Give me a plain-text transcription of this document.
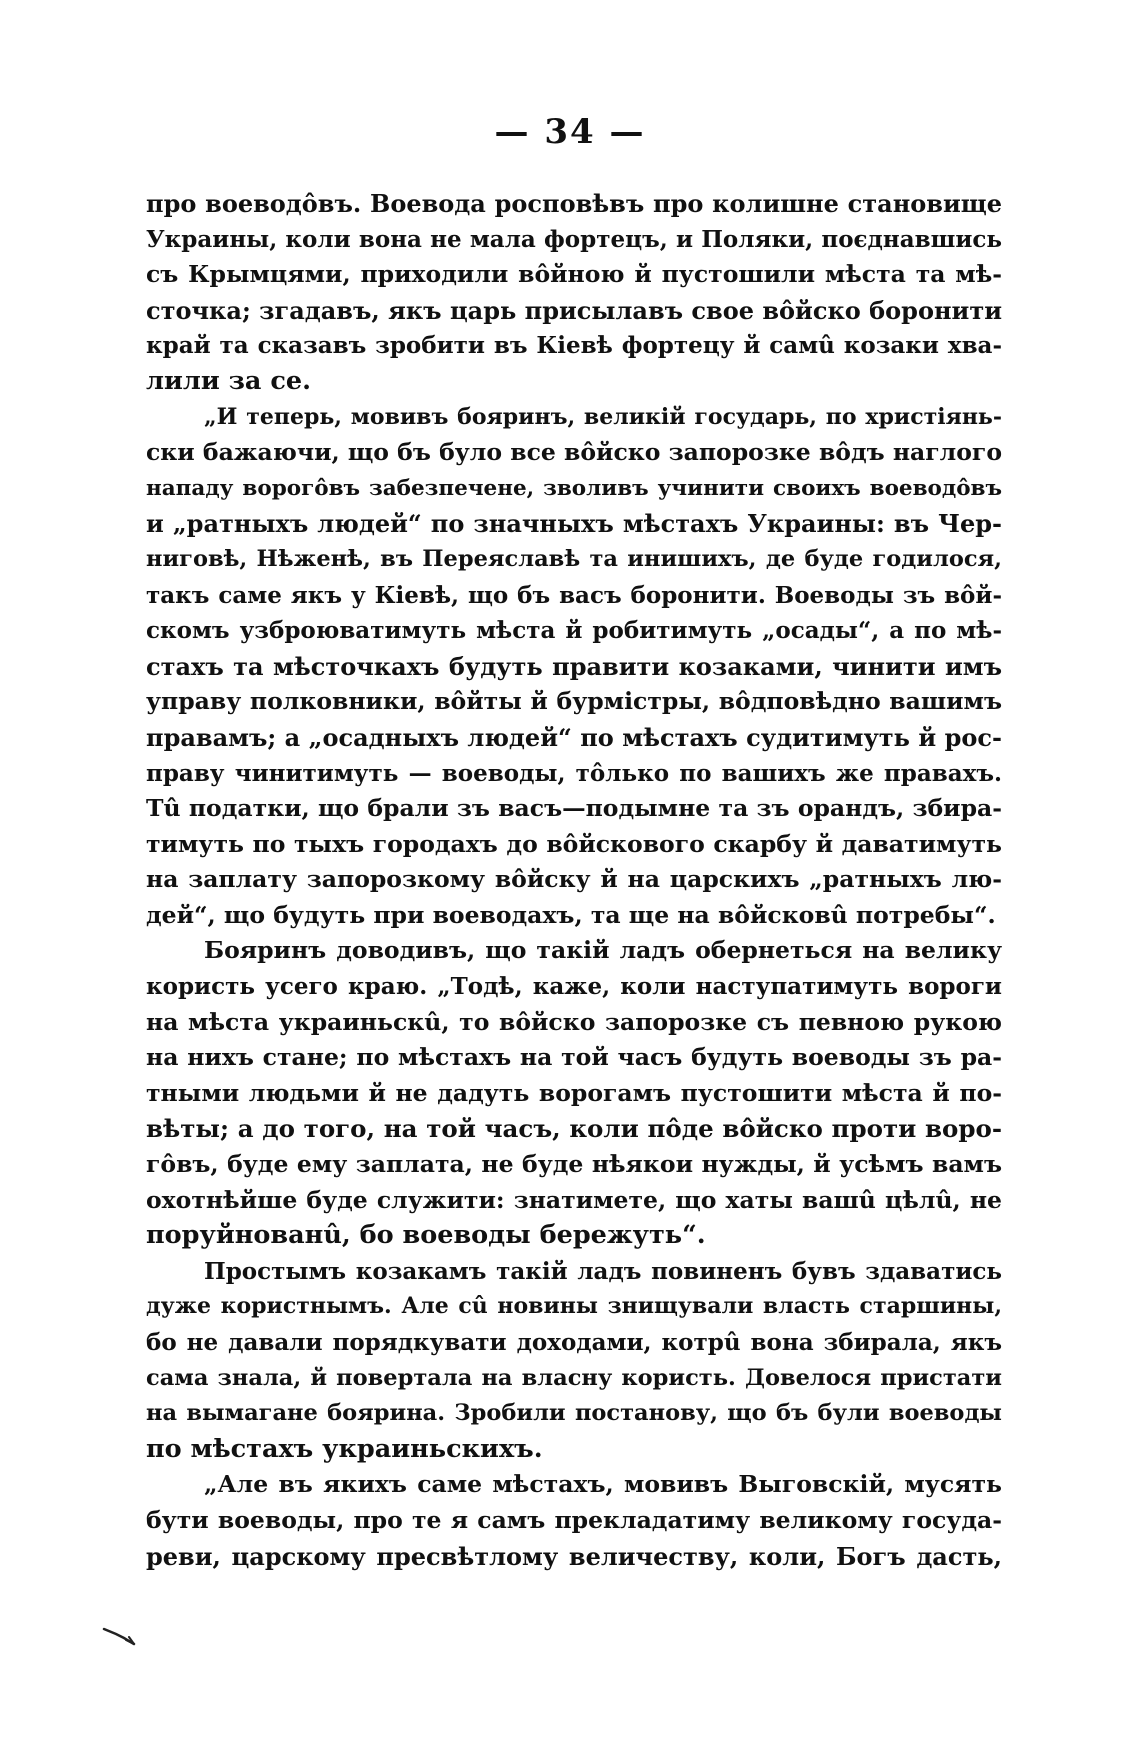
— 34 —
про воеводôвъ. Воевода росповѣвъ про колишне становище
Украины, коли вона не мала фортецъ, и Поляки, поєднавшись
съ Крымцями, приходили вôйною й пустошили мѣста та мѣ-
сточка; згадавъ, якъ царь присылавъ свое вôйско боронити
край та сказавъ зробити въ Кіевѣ фортецу й самû козаки хва-
лили за се.
„И теперь, мовивъ бояринъ, великій государь, по христіянь-
ски бажаючи, що бъ було все вôйско запорозке вôдъ наглого
нападу ворогôвъ забезпечене, зволивъ учинити своихъ воеводôвъ
и „ратныхъ людей“ по значныхъ мѣстахъ Украины: въ Чер-
ниговѣ, Нѣженѣ, въ Переяславѣ та инишихъ, де буде годилося,
такъ саме якъ у Кіевѣ, що бъ васъ боронити. Воеводы зъ вôй-
скомъ узброюватимуть мѣста й робитимуть „осады“, а по мѣ-
стахъ та мѣсточкахъ будуть правити козаками, чинити имъ
управу полковники, вôйты й бурмістры, вôдповѣдно вашимъ
правамъ; а „осадныхъ людей“ по мѣстахъ судитимуть й рос-
праву чинитимуть — воеводы, тôлько по вашихъ же правахъ.
Тû податки, що брали зъ васъ—подымне та зъ орандъ, збира-
тимуть по тыхъ городахъ до вôйскового скарбу й даватимуть
на заплату запорозкому вôйску й на царскихъ „ратныхъ лю-
дей“, що будуть при воеводахъ, та ще на вôйсковû потребы“.
Бояринъ доводивъ, що такій ладъ обернеться на велику
користь усего краю. „Тодѣ, каже, коли наступатимуть вороги
на мѣста украиньскû, то вôйско запорозке съ певною рукою
на нихъ стане; по мѣстахъ на той часъ будуть воеводы зъ ра-
тными людьми й не дадуть ворогамъ пустошити мѣста й по-
вѣты; а до того, на той часъ, коли пôде вôйско проти воро-
гôвъ, буде ему заплата, не буде нѣякои нужды, й усѣмъ вамъ
охотнѣйше буде служити: знатимете, що хаты вашû цѣлû, не
поруйнованû, бо воеводы бережуть“.
Простымъ козакамъ такій ладъ повиненъ бувъ здаватись
дуже користнымъ. Але сû новины знищували власть старшины,
бо не давали порядкувати доходами, котрû вона збирала, якъ
сама знала, й повертала на власну користь. Довелося пристати
на вымагане боярина. Зробили постанову, що бъ були воеводы
по мѣстахъ украиньскихъ.
„Але въ якихъ саме мѣстахъ, мовивъ Выговскій, мусять
бути воеводы, про те я самъ прекладатиму великому госуда-
реви, царскому пресвѣтлому величеству, коли, Богъ дасть,
